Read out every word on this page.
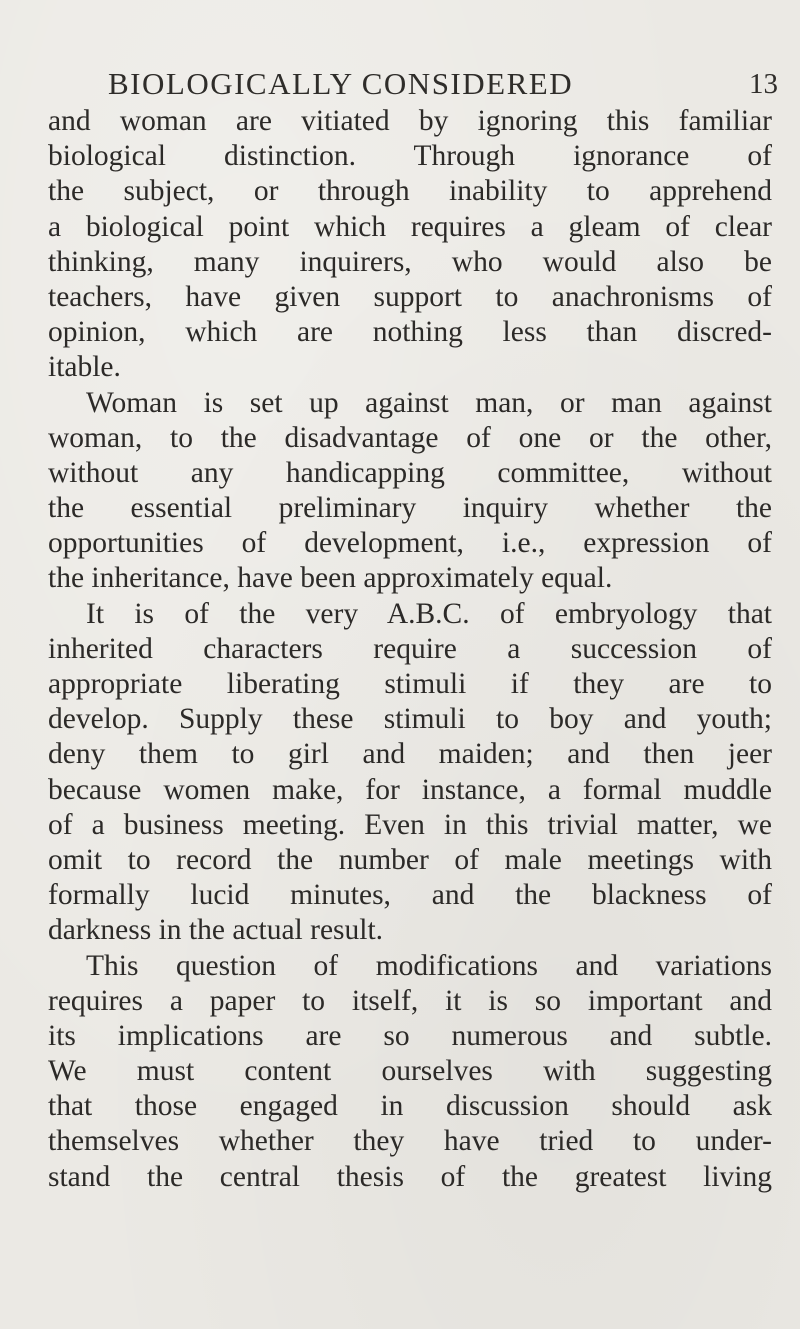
BIOLOGICALLY CONSIDERED	13
and woman are vitiated by ignoring this familiar
biological distinction. Through ignorance of
the subject, or through inability to apprehend
a biological point which requires a gleam of clear
thinking, many inquirers, who would also be
teachers, have given support to anachronisms of
opinion, which are nothing less than discred-
itable.
Woman is set up against man, or man against
woman, to the disadvantage of one or the other,
without any handicapping committee, without
the essential preliminary inquiry whether the
opportunities of development, i.e., expression of
the inheritance, have been approximately equal.
It is of the very A.B.C. of embryology that
inherited characters require a succession of
appropriate liberating stimuli if they are to
develop. Supply these stimuli to boy and youth;
deny them to girl and maiden; and then jeer
because women make, for instance, a formal muddle
of a business meeting. Even in this trivial matter, we
omit to record the number of male meetings with
formally lucid minutes, and the blackness of
darkness in the actual result.
This question of modifications and variations
requires a paper to itself, it is so important and
its implications are so numerous and subtle.
We must content ourselves with suggesting
that those engaged in discussion should ask
themselves whether they have tried to under-
stand the central thesis of the greatest living
